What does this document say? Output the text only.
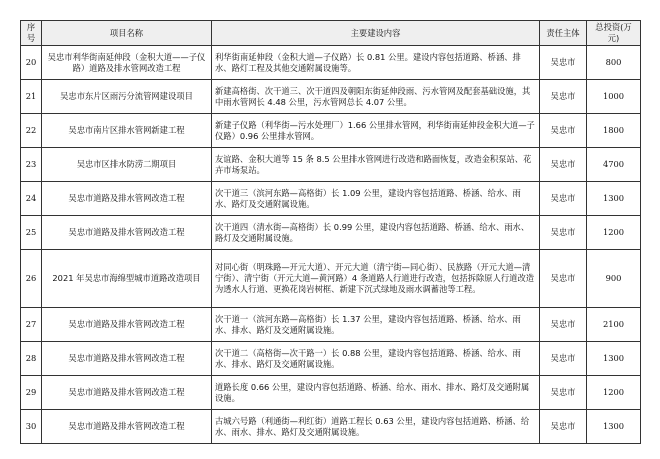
序号	项目名称	主要建设内容	责任主体	总投资(万元)
20	吴忠市利华街南延伸段（金积大道——子仪路）道路及排水管网改造工程	利华街南延伸段（金积大道—子仪路）长 0.81 公里。建设内容包括道路、桥涵、排水、路灯工程及其他交通附属设施等。	吴忠市	800
21	吴忠市东片区雨污分流管网建设项目	新建高格街、次干道三、次干道四及朝阳东街延伸段雨、污水管网及配套基础设施，其中雨水管网长 4.48 公里，污水管网总长 4.07 公里。	吴忠市	1000
22	吴忠市南片区排水管网新建工程	新建子仪路（利华街—污水处理厂）1.66 公里排水管网，利华街南延伸段金积大道—子仪路）0.96 公里排水管网。	吴忠市	1800
23	吴忠市区排水防涝二期项目	友谊路、金积大道等 15 条 8.5 公里排水管网进行改造和路面恢复，改造金积泵站、花卉市场泵站。	吴忠市	4700
24	吴忠市道路及排水管网改造工程	次干道三（滨河东路—高格街）长 1.09 公里，建设内容包括道路、桥涵、给水、雨水、路灯及交通附属设施。	吴忠市	1300
25	吴忠市道路及排水管网改造工程	次干道四（清水街—高格街）长 0.99 公里，建设内容包括道路、桥涵、给水、雨水、路灯及交通附属设施。	吴忠市	1200
26	2021 年吴忠市海绵型城市道路改造项目	对同心街（明珠路—开元大道）、开元大道（清宁街—同心街）、民族路（开元大道—清宁街）、清宁街（开元大道—黄河路）4 条道路人行道进行改造，包括拆除原人行道改造为透水人行道、更换花岗岩树框、新建下沉式绿地及雨水调蓄池等工程。	吴忠市	900
27	吴忠市道路及排水管网改造工程	次干道一（滨河东路—高格街）长 1.37 公里，建设内容包括道路、桥涵、给水、雨水、排水、路灯及交通附属设施。	吴忠市	2100
28	吴忠市道路及排水管网改造工程	次干道二（高格街—次干路一）长 0.88 公里，建设内容包括道路、桥涵、给水、雨水、排水、路灯及交通附属设施。	吴忠市	1300
29	吴忠市道路及排水管网改造工程	道路长度 0.66 公里，建设内容包括道路、桥涵、给水、雨水、排水、路灯及交通附属设施。	吴忠市	1200
30	吴忠市道路及排水管网改造工程	古城六号路（利通街—利红街）道路工程长 0.63 公里，建设内容包括道路、桥涵、给水、雨水、排水、路灯及交通附属设施。	吴忠市	1300
